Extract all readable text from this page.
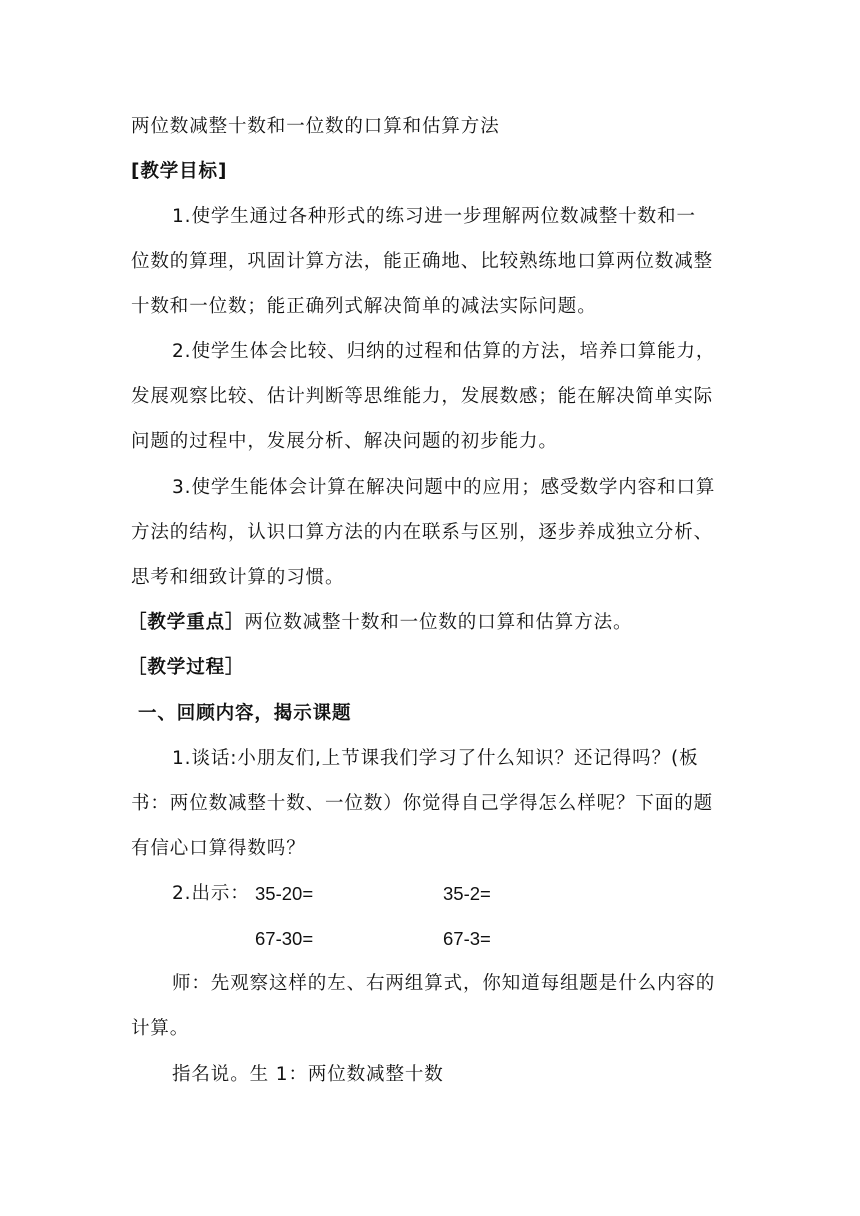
两位数减整十数和一位数的口算和估算方法
[教学目标]
1.使学生通过各种形式的练习进一步理解两位数减整十数和一
位数的算理，巩固计算方法，能正确地、比较熟练地口算两位数减整
十数和一位数；能正确列式解决简单的减法实际问题。
2.使学生体会比较、归纳的过程和估算的方法，培养口算能力，
发展观察比较、估计判断等思维能力，发展数感；能在解决简单实际
问题的过程中，发展分析、解决问题的初步能力。
3.使学生能体会计算在解决问题中的应用；感受数学内容和口算
方法的结构，认识口算方法的内在联系与区别，逐步养成独立分析、
思考和细致计算的习惯。
［教学重点］两位数减整十数和一位数的口算和估算方法。
［教学过程］
一、回顾内容，揭示课题
1.谈话:小朋友们,上节课我们学习了什么知识？还记得吗？(板
书：两位数减整十数、一位数）你觉得自己学得怎么样呢？下面的题
有信心口算得数吗？
2.出示： 35-20=	35-2=
67-30=	67-3=
师：先观察这样的左、右两组算式，你知道每组题是什么内容的
计算。
指名说。生 1：两位数减整十数
